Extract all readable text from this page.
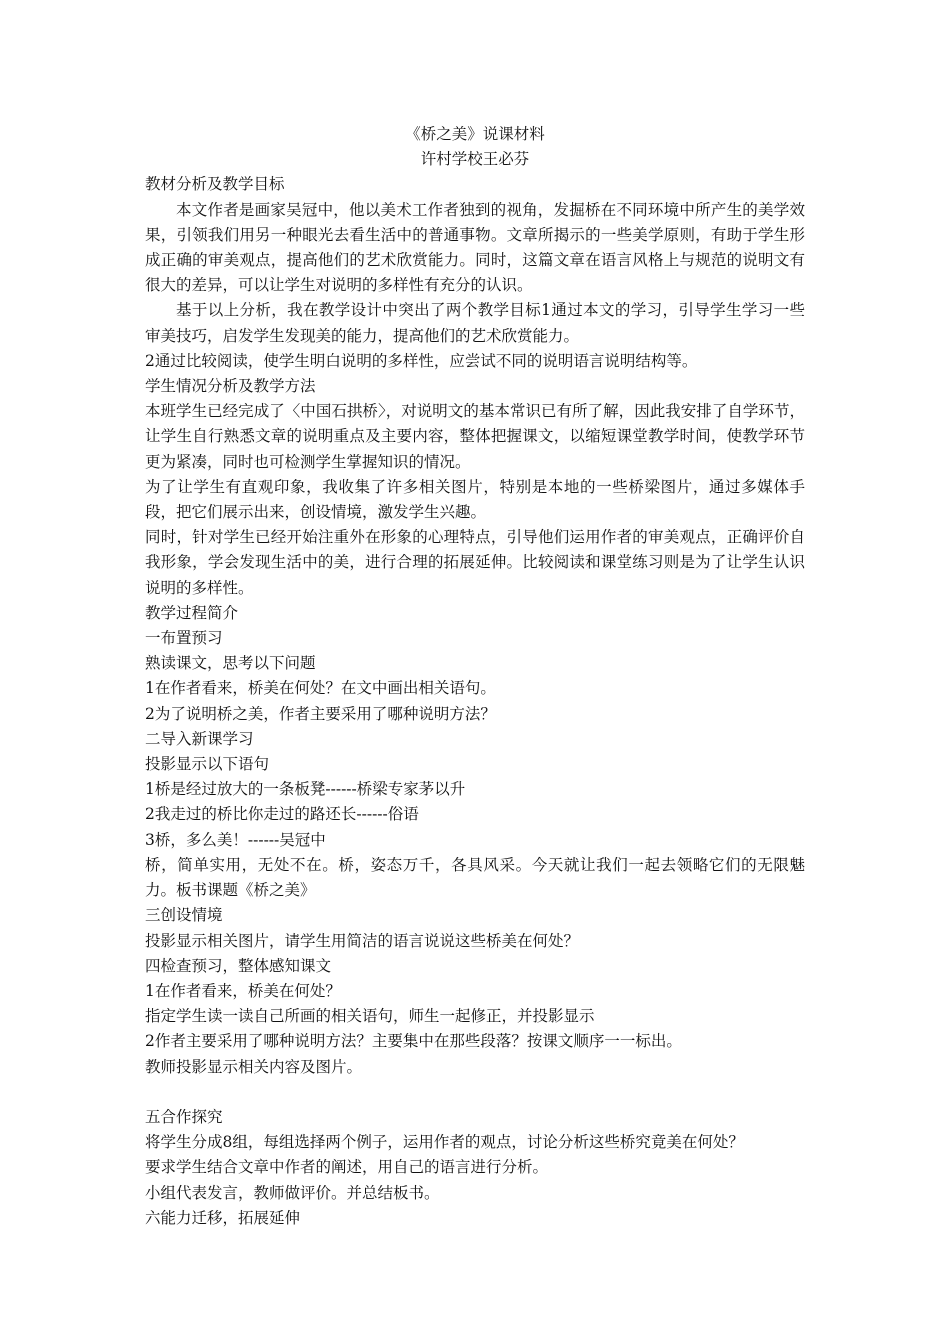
《桥之美》说课材料
许村学校王必芬
教材分析及教学目标
本文作者是画家吴冠中，他以美术工作者独到的视角，发掘桥在不同环境中所产生的美学效果，引领我们用另一种眼光去看生活中的普通事物。文章所揭示的一些美学原则，有助于学生形成正确的审美观点，提高他们的艺术欣赏能力。同时，这篇文章在语言风格上与规范的说明文有很大的差异，可以让学生对说明的多样性有充分的认识。
基于以上分析，我在教学设计中突出了两个教学目标1通过本文的学习，引导学生学习一些审美技巧，启发学生发现美的能力，提高他们的艺术欣赏能力。
2通过比较阅读，使学生明白说明的多样性，应尝试不同的说明语言说明结构等。
学生情况分析及教学方法
本班学生已经完成了〈中国石拱桥〉，对说明文的基本常识已有所了解，因此我安排了自学环节，让学生自行熟悉文章的说明重点及主要内容，整体把握课文，以缩短课堂教学时间，使教学环节更为紧凑，同时也可检测学生掌握知识的情况。
为了让学生有直观印象，我收集了许多相关图片，特别是本地的一些桥梁图片，通过多媒体手段，把它们展示出来，创设情境，激发学生兴趣。
同时，针对学生已经开始注重外在形象的心理特点，引导他们运用作者的审美观点，正确评价自我形象，学会发现生活中的美，进行合理的拓展延伸。比较阅读和课堂练习则是为了让学生认识说明的多样性。
教学过程简介
一布置预习
熟读课文，思考以下问题
1在作者看来，桥美在何处？在文中画出相关语句。
2为了说明桥之美，作者主要采用了哪种说明方法？
二导入新课学习
投影显示以下语句
1桥是经过放大的一条板凳------桥梁专家茅以升
2我走过的桥比你走过的路还长------俗语
3桥，多么美！------吴冠中
桥，简单实用，无处不在。桥，姿态万千，各具风采。今天就让我们一起去领略它们的无限魅力。板书课题《桥之美》
三创设情境
投影显示相关图片，请学生用简洁的语言说说这些桥美在何处？
四检查预习，整体感知课文
1在作者看来，桥美在何处？
指定学生读一读自己所画的相关语句，师生一起修正，并投影显示
2作者主要采用了哪种说明方法？主要集中在那些段落？按课文顺序一一标出。
教师投影显示相关内容及图片。
五合作探究
将学生分成8组，每组选择两个例子，运用作者的观点，讨论分析这些桥究竟美在何处？
要求学生结合文章中作者的阐述，用自己的语言进行分析。
小组代表发言，教师做评价。并总结板书。
六能力迁移，拓展延伸
